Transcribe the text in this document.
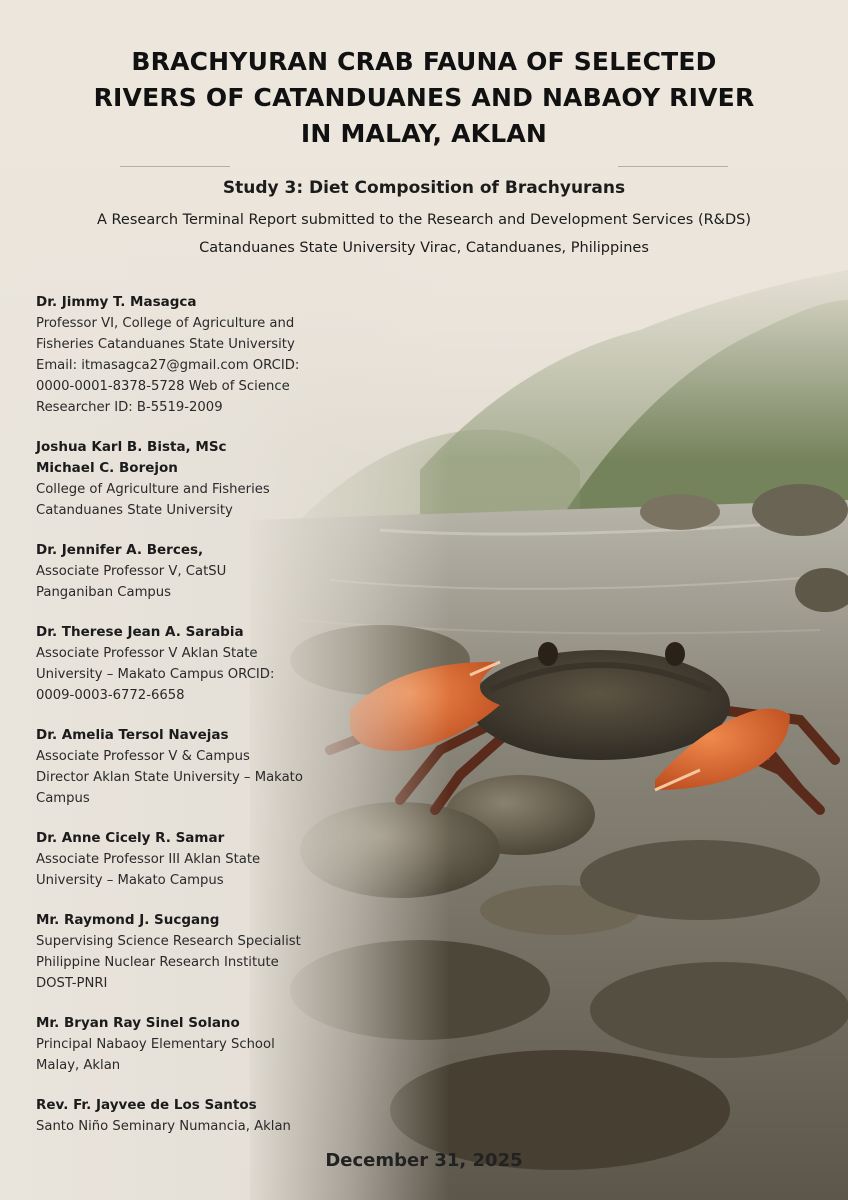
BRACHYURAN CRAB FAUNA OF SELECTED
RIVERS OF CATANDUANES AND NABAOY RIVER
IN MALAY, AKLAN
Study 3: Diet Composition of Brachyurans
A Research Terminal Report submitted to the Research and Development Services (R&DS)
Catanduanes State University Virac, Catanduanes, Philippines
Dr. Jimmy T. Masagca
Professor VI, College of Agriculture and
Fisheries Catanduanes State University
Email: itmasagca27@gmail.com ORCID:
0000-0001-8378-5728 Web of Science
Researcher ID: B-5519-2009
Joshua Karl B. Bista, MSc
Michael C. Borejon
College of Agriculture and Fisheries
Catanduanes State University
Dr. Jennifer A. Berces,
Associate Professor V, CatSU
Panganiban Campus
Dr. Therese Jean A. Sarabia
Associate Professor V Aklan State
University – Makato Campus ORCID:
0009-0003-6772-6658
Dr. Amelia Tersol Navejas
Associate Professor V & Campus
Director Aklan State University – Makato
Campus
Dr. Anne Cicely R. Samar
Associate Professor III Aklan State
University – Makato Campus
Mr. Raymond J. Sucgang
Supervising Science Research Specialist
Philippine Nuclear Research Institute
DOST-PNRI
Mr. Bryan Ray Sinel Solano
Principal Nabaoy Elementary School
Malay, Aklan
Rev. Fr. Jayvee de Los Santos
Santo Niño Seminary Numancia, Aklan
December 31, 2025
